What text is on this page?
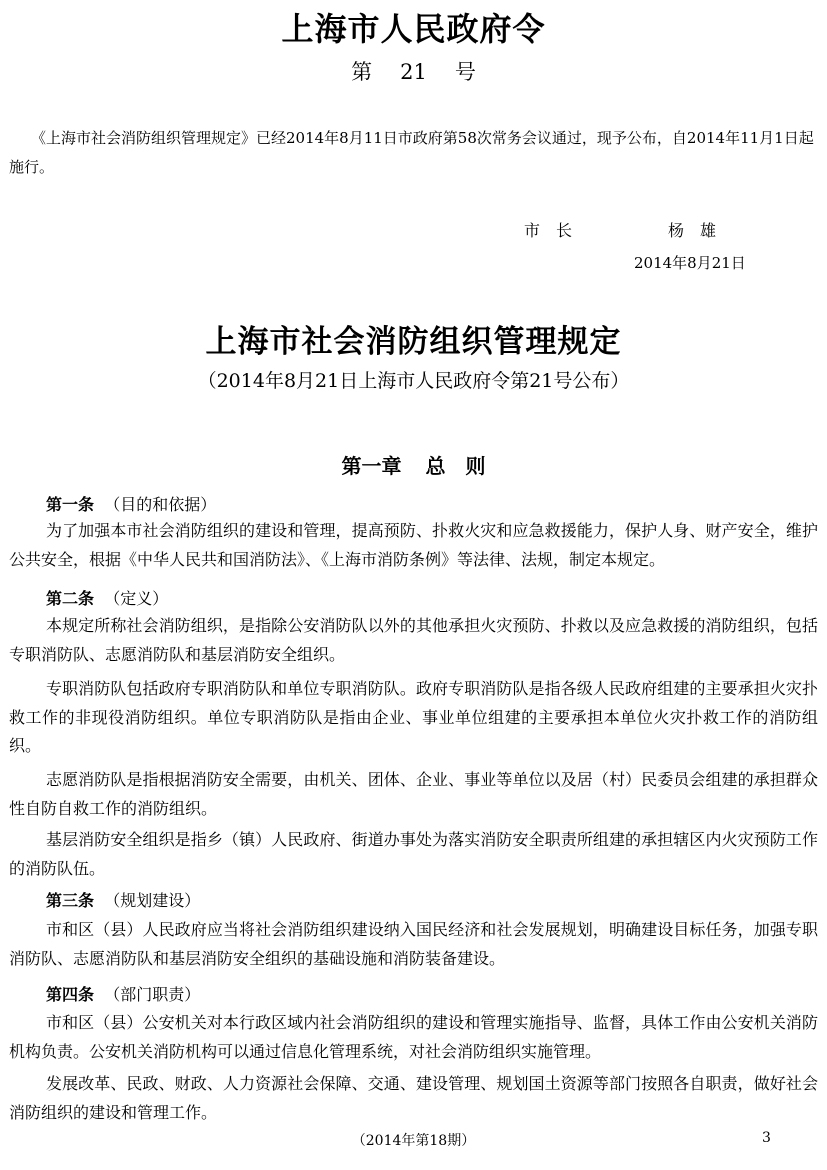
上海市人民政府令
第 21 号
《上海市社会消防组织管理规定》已经2014年8月11日市政府第58次常务会议通过，现予公布，自2014年11月1日起施行。
市　长	杨　雄
2014年8月21日
上海市社会消防组织管理规定
（2014年8月21日上海市人民政府令第21号公布）
第一章 总　则
第一条 （目的和依据）
为了加强本市社会消防组织的建设和管理，提高预防、扑救火灾和应急救援能力，保护人身、财产安全，维护公共安全，根据《中华人民共和国消防法》、《上海市消防条例》等法律、法规，制定本规定。
第二条 （定义）
本规定所称社会消防组织，是指除公安消防队以外的其他承担火灾预防、扑救以及应急救援的消防组织，包括专职消防队、志愿消防队和基层消防安全组织。
专职消防队包括政府专职消防队和单位专职消防队。政府专职消防队是指各级人民政府组建的主要承担火灾扑救工作的非现役消防组织。单位专职消防队是指由企业、事业单位组建的主要承担本单位火灾扑救工作的消防组织。
志愿消防队是指根据消防安全需要，由机关、团体、企业、事业等单位以及居（村）民委员会组建的承担群众性自防自救工作的消防组织。
基层消防安全组织是指乡（镇）人民政府、街道办事处为落实消防安全职责所组建的承担辖区内火灾预防工作的消防队伍。
第三条 （规划建设）
市和区（县）人民政府应当将社会消防组织建设纳入国民经济和社会发展规划，明确建设目标任务，加强专职消防队、志愿消防队和基层消防安全组织的基础设施和消防装备建设。
第四条 （部门职责）
市和区（县）公安机关对本行政区域内社会消防组织的建设和管理实施指导、监督，具体工作由公安机关消防机构负责。公安机关消防机构可以通过信息化管理系统，对社会消防组织实施管理。
发展改革、民政、财政、人力资源社会保障、交通、建设管理、规划国土资源等部门按照各自职责，做好社会消防组织的建设和管理工作。
（2014年第18期）	3
